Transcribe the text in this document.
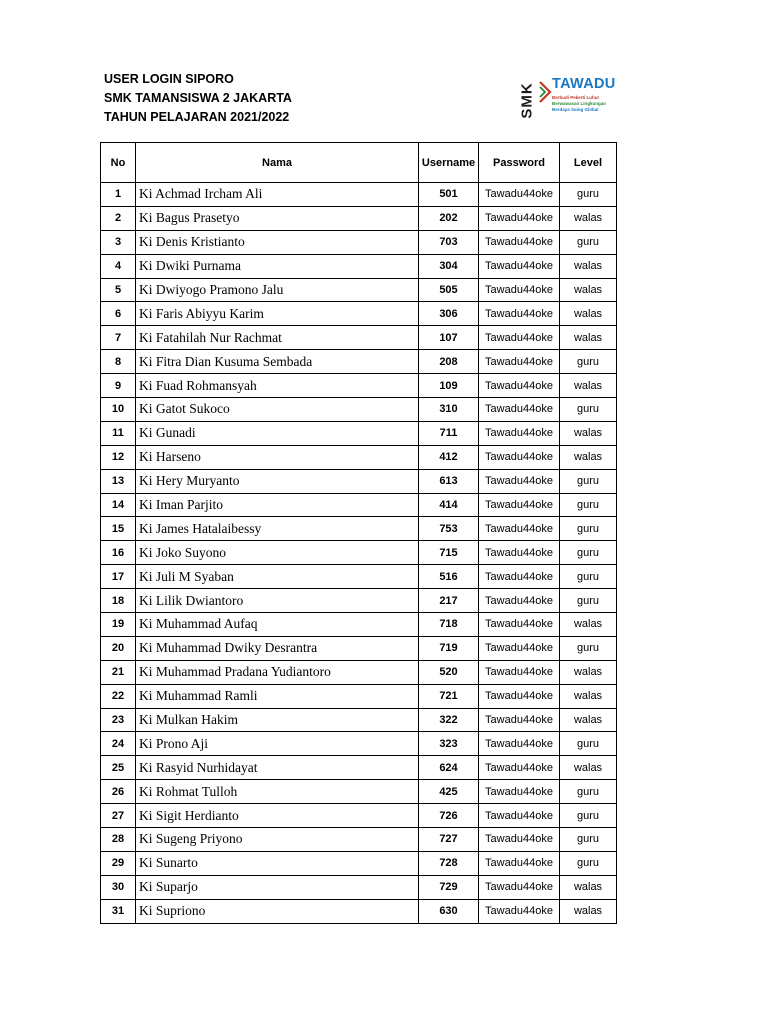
USER LOGIN SIPORO
SMK TAMANSISWA 2 JAKARTA
TAHUN PELAJARAN 2021/2022	SMK TAWADU
Berbudi Pekerti Luhur
Berwawasan Lingkungan
Berdaya Saing Global
No	Nama	Username	Password	Level
1	Ki Achmad Ircham Ali	501	Tawadu44oke	guru
2	Ki Bagus Prasetyo	202	Tawadu44oke	walas
3	Ki Denis Kristianto	703	Tawadu44oke	guru
4	Ki Dwiki Purnama	304	Tawadu44oke	walas
5	Ki Dwiyogo Pramono Jalu	505	Tawadu44oke	walas
6	Ki Faris Abiyyu Karim	306	Tawadu44oke	walas
7	Ki Fatahilah Nur Rachmat	107	Tawadu44oke	walas
8	Ki Fitra Dian Kusuma Sembada	208	Tawadu44oke	guru
9	Ki Fuad Rohmansyah	109	Tawadu44oke	walas
10	Ki Gatot Sukoco	310	Tawadu44oke	guru
11	Ki Gunadi	711	Tawadu44oke	walas
12	Ki Harseno	412	Tawadu44oke	walas
13	Ki Hery Muryanto	613	Tawadu44oke	guru
14	Ki Iman Parjito	414	Tawadu44oke	guru
15	Ki James Hatalaibessy	753	Tawadu44oke	guru
16	Ki Joko Suyono	715	Tawadu44oke	guru
17	Ki Juli M Syaban	516	Tawadu44oke	guru
18	Ki Lilik Dwiantoro	217	Tawadu44oke	guru
19	Ki Muhammad Aufaq	718	Tawadu44oke	walas
20	Ki Muhammad Dwiky Desrantra	719	Tawadu44oke	guru
21	Ki Muhammad Pradana Yudiantoro	520	Tawadu44oke	walas
22	Ki Muhammad Ramli	721	Tawadu44oke	walas
23	Ki Mulkan Hakim	322	Tawadu44oke	walas
24	Ki Prono Aji	323	Tawadu44oke	guru
25	Ki Rasyid Nurhidayat	624	Tawadu44oke	walas
26	Ki Rohmat Tulloh	425	Tawadu44oke	guru
27	Ki Sigit Herdianto	726	Tawadu44oke	guru
28	Ki Sugeng Priyono	727	Tawadu44oke	guru
29	Ki Sunarto	728	Tawadu44oke	guru
30	Ki Suparjo	729	Tawadu44oke	walas
31	Ki Supriono	630	Tawadu44oke	walas
